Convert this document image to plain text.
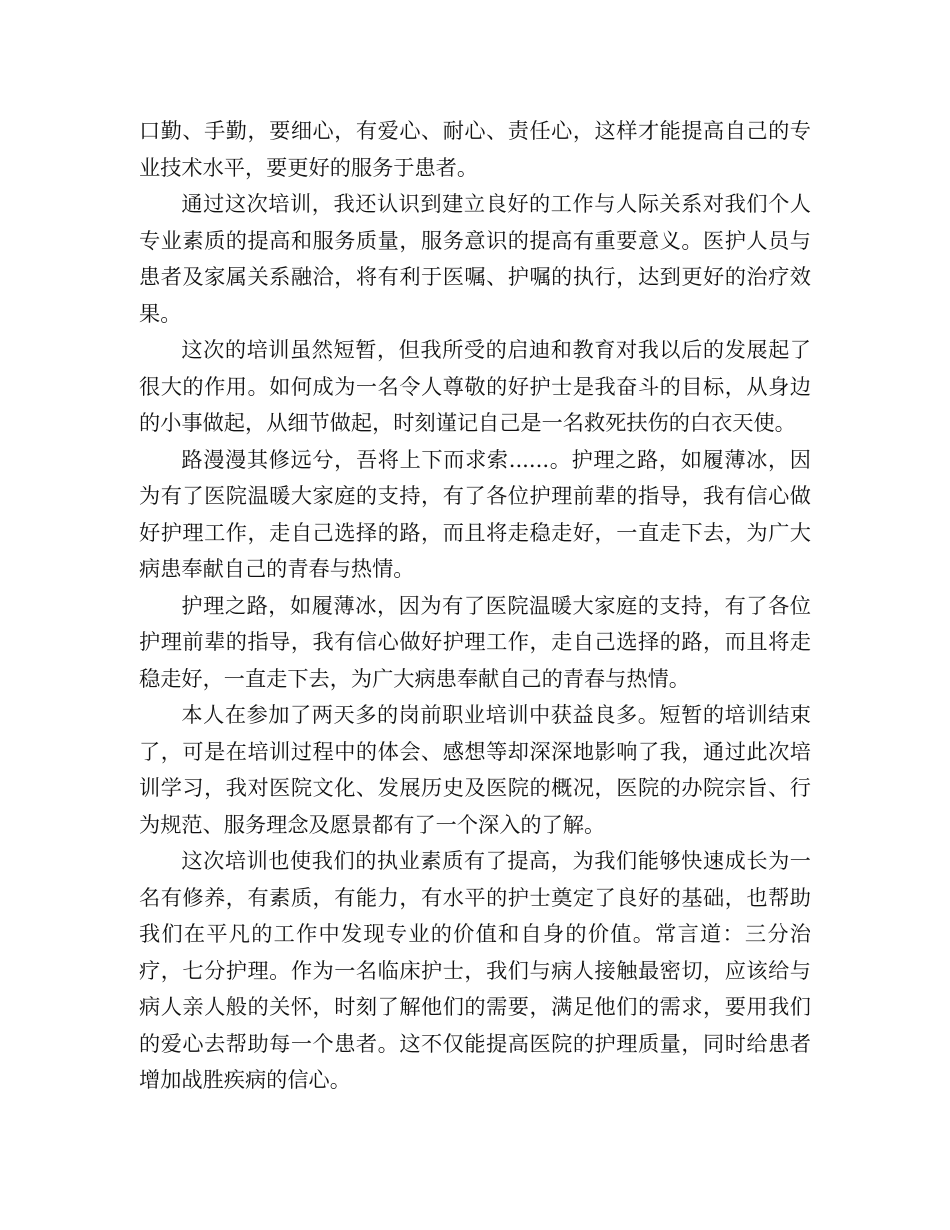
口勤、手勤，要细心，有爱心、耐心、责任心，这样才能提高自己的专业技术水平，要更好的服务于患者。

通过这次培训，我还认识到建立良好的工作与人际关系对我们个人专业素质的提高和服务质量，服务意识的提高有重要意义。医护人员与患者及家属关系融洽，将有利于医嘱、护嘱的执行，达到更好的治疗效果。

这次的培训虽然短暂，但我所受的启迪和教育对我以后的发展起了很大的作用。如何成为一名令人尊敬的好护士是我奋斗的目标，从身边的小事做起，从细节做起，时刻谨记自己是一名救死扶伤的白衣天使。

路漫漫其修远兮，吾将上下而求索......。护理之路，如履薄冰，因为有了医院温暖大家庭的支持，有了各位护理前辈的指导，我有信心做好护理工作，走自己选择的路，而且将走稳走好，一直走下去，为广大病患奉献自己的青春与热情。

护理之路，如履薄冰，因为有了医院温暖大家庭的支持，有了各位护理前辈的指导，我有信心做好护理工作，走自己选择的路，而且将走稳走好，一直走下去，为广大病患奉献自己的青春与热情。

本人在参加了两天多的岗前职业培训中获益良多。短暂的培训结束了，可是在培训过程中的体会、感想等却深深地影响了我，通过此次培训学习，我对医院文化、发展历史及医院的概况，医院的办院宗旨、行为规范、服务理念及愿景都有了一个深入的了解。

这次培训也使我们的执业素质有了提高，为我们能够快速成长为一名有修养，有素质，有能力，有水平的护士奠定了良好的基础，也帮助我们在平凡的工作中发现专业的价值和自身的价值。常言道：三分治疗，七分护理。作为一名临床护士，我们与病人接触最密切，应该给与病人亲人般的关怀，时刻了解他们的需要，满足他们的需求，要用我们的爱心去帮助每一个患者。这不仅能提高医院的护理质量，同时给患者增加战胜疾病的信心。
